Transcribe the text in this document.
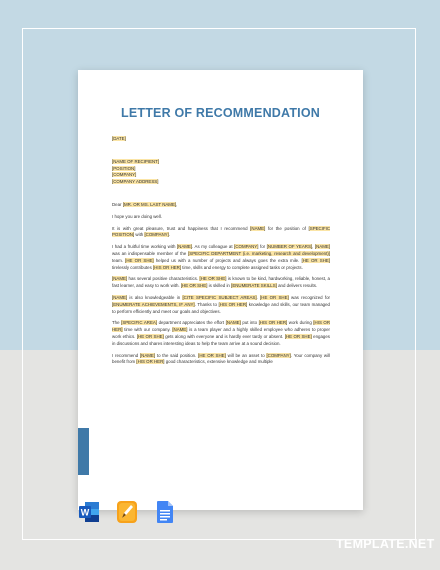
LETTER OF RECOMMENDATION

[DATE]

[NAME OF RECIPIENT]
[POSITION]
[COMPANY]
[COMPANY ADDRESS]

Dear [MR. OR MS. LAST NAME],

I hope you are doing well.

It is with great pleasure, trust and happiness that I recommend [NAME] for the position of [SPECIFIC POSITION] with [COMPANY].

I had a fruitful time working with [NAME]. As my colleague at [COMPANY] for [NUMBER OF YEARS], [NAME] was an indispensable member of the [SPECIFIC DEPARTMENT (i.e. marketing, research and development)] team. [HE OR SHE] helped us with a number of projects and always goes the extra mile. [HE OR SHE] tirelessly contributes [HIS OR HER] time, skills and energy to complete assigned tasks or projects.

[NAME] has several positive characteristics. [HE OR SHE] is known to be kind, hardworking, reliable, honest, a fast learner, and easy to work with. [HE OR SHE] is skilled in [ENUMERATE SKILLS] and delivers results.

[NAME] is also knowledgeable in [CITE SPECIFIC SUBJECT AREAS]. [HE OR SHE] was recognized for [ENUMERATE ACHIEVEMENTS, IF ANY]. Thanks to [HIS OR HER] knowledge and skills, our team managed to perform efficiently and meet our goals and objectives.

The [SPECIFIC AREA] department appreciates the effort [NAME] put into [HIS OR HER] work during [HIS OR HER] time with our company. [NAME] is a team player and a highly skilled employee who adheres to proper work ethics. [HE OR SHE] gets along with everyone and is hardly ever tardy or absent. [HE OR SHE] engages in discussions and shares interesting ideas to help the team arrive at a sound decision.

I recommend [NAME] to the said position. [HE OR SHE] will be an asset to [COMPANY]. Your company will benefit from [HIS OR HER] good characteristics, extensive knowledge and multiple

W
TEMPLATE.NET
